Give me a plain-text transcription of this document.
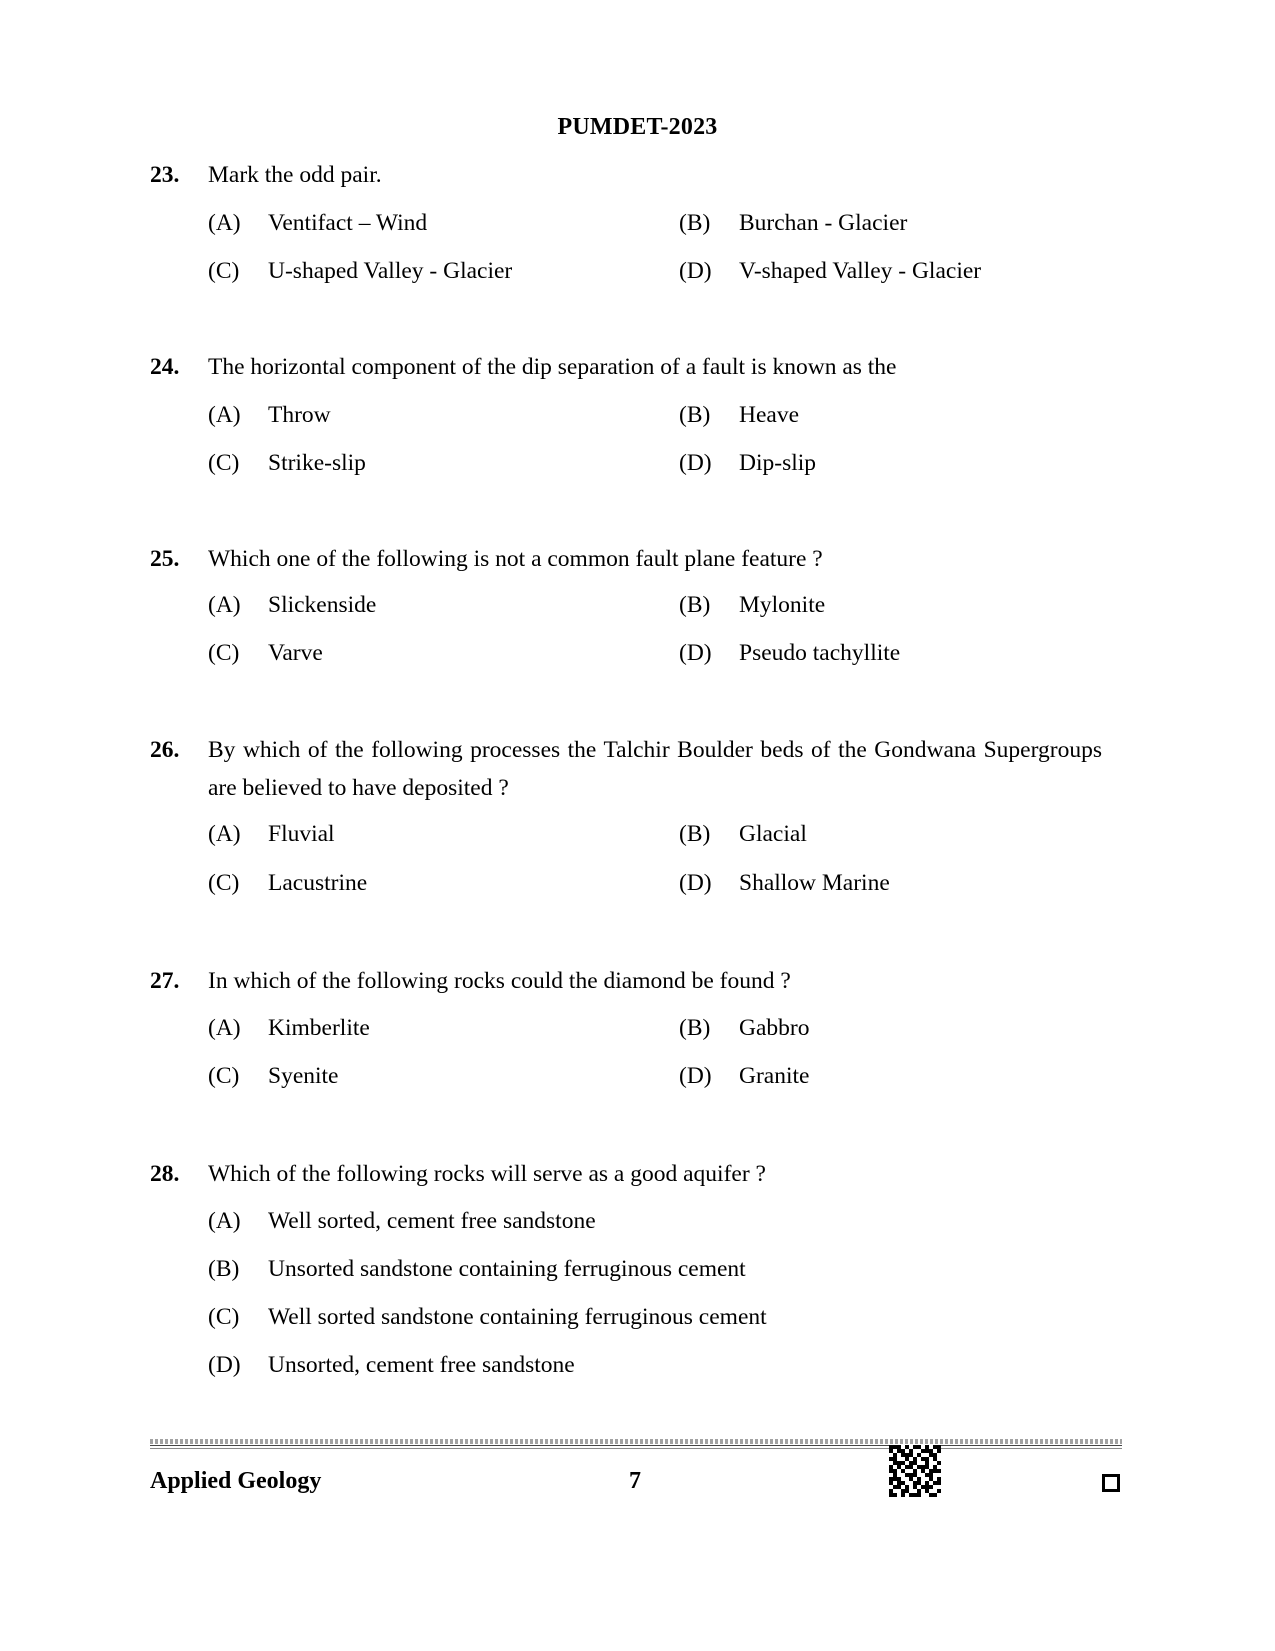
PUMDET-2023
23. Mark the odd pair.
(A) Ventifact – Wind	(B) Burchan - Glacier
(C) U-shaped Valley - Glacier	(D) V-shaped Valley - Glacier
24. The horizontal component of the dip separation of a fault is known as the
(A) Throw	(B) Heave
(C) Strike-slip	(D) Dip-slip
25. Which one of the following is not a common fault plane feature ?
(A) Slickenside	(B) Mylonite
(C) Varve	(D) Pseudo tachyllite
26. By which of the following processes the Talchir Boulder beds of the Gondwana Supergroups are believed to have deposited ?
(A) Fluvial	(B) Glacial
(C) Lacustrine	(D) Shallow Marine
27. In which of the following rocks could the diamond be found ?
(A) Kimberlite	(B) Gabbro
(C) Syenite	(D) Granite
28. Which of the following rocks will serve as a good aquifer ?
(A) Well sorted, cement free sandstone
(B) Unsorted sandstone containing ferruginous cement
(C) Well sorted sandstone containing ferruginous cement
(D) Unsorted, cement free sandstone
Applied Geology	7
